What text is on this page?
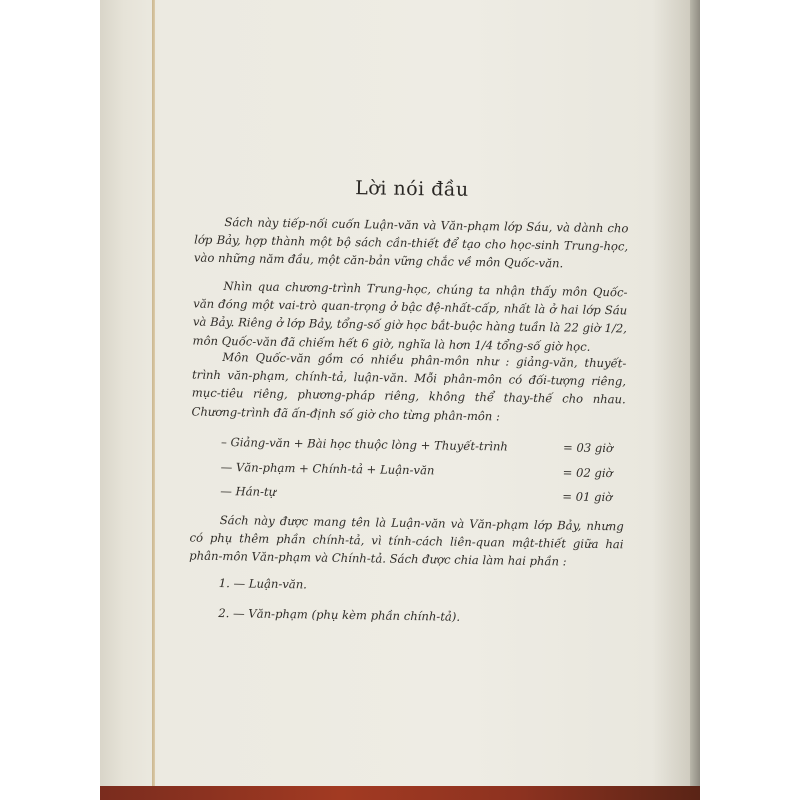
Lời nói đầu

Sách này tiếp-nối cuốn Luận-văn và Văn-phạm lớp Sáu, và dành cho lớp Bảy, hợp thành một bộ sách cần-thiết để tạo cho học-sinh Trung-học, vào những năm đầu, một căn-bản vững chắc về môn Quốc-văn.

Nhìn qua chương-trình Trung-học, chúng ta nhận thấy môn Quốc-văn đóng một vai-trò quan-trọng ở bậc đệ-nhất-cấp, nhất là ở hai lớp Sáu và Bảy. Riêng ở lớp Bảy, tổng-số giờ học bắt-buộc hàng tuần là 22 giờ 1/2, môn Quốc-văn đã chiếm hết 6 giờ, nghĩa là hơn 1/4 tổng-số giờ học.

Môn Quốc-văn gồm có nhiều phân-môn như : giảng-văn, thuyết-trình văn-phạm, chính-tả, luận-văn. Mỗi phân-môn có đối-tượng riêng, mục-tiêu riêng, phương-pháp riêng, không thể thay-thế cho nhau. Chương-trình đã ấn-định số giờ cho từng phân-môn :

– Giảng-văn + Bài học thuộc lòng + Thuyết-trình	= 03 giờ
— Văn-phạm + Chính-tả + Luận-văn	= 02 giờ
— Hán-tự	= 01 giờ

Sách này được mang tên là Luận-văn và Văn-phạm lớp Bảy, nhưng có phụ thêm phần chính-tả, vì tính-cách liên-quan mật-thiết giữa hai phân-môn Văn-phạm và Chính-tả. Sách được chia làm hai phần :

1. — Luận-văn.
2. — Văn-phạm (phụ kèm phần chính-tả).
